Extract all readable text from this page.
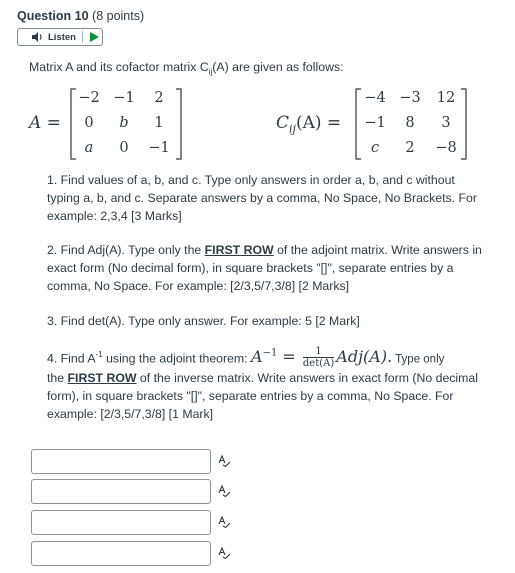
Question 10 (8 points)
Listen
Matrix A and its cofactor matrix $C_{ij}(A)$ are given as follows:
A =
−2 −1	2
0	b	1
a	0	−1
$C_{ij}(A)$ =
−4 −3	12
−1	8	3
c	2	−8
1. Find values of a, b, and c. Type only answers in order a, b, and c without typing a, b, and c. Separate answers by a comma, No Space, No Brackets. For example: 2,3,4 [3 Marks]
2. Find Adj(A). Type only the FIRST ROW of the adjoint matrix. Write answers in exact form (No decimal form), in square brackets "[]", separate entries by a comma, No Space. For example: [2/3,5/7,3/8] [2 Marks]
3. Find det(A). Type only answer. For example: 5 [2 Mark]
4. Find $A^{-1}$ using the adjoint theorem: $A^{-1}$ =	1
det(A) Adj(A). Type only
the FIRST ROW of the inverse matrix. Write answers in exact form (No decimal form), in square brackets "[]", separate entries by a comma, No Space. For example: [2/3,5/7,3/8] [1 Mark]
